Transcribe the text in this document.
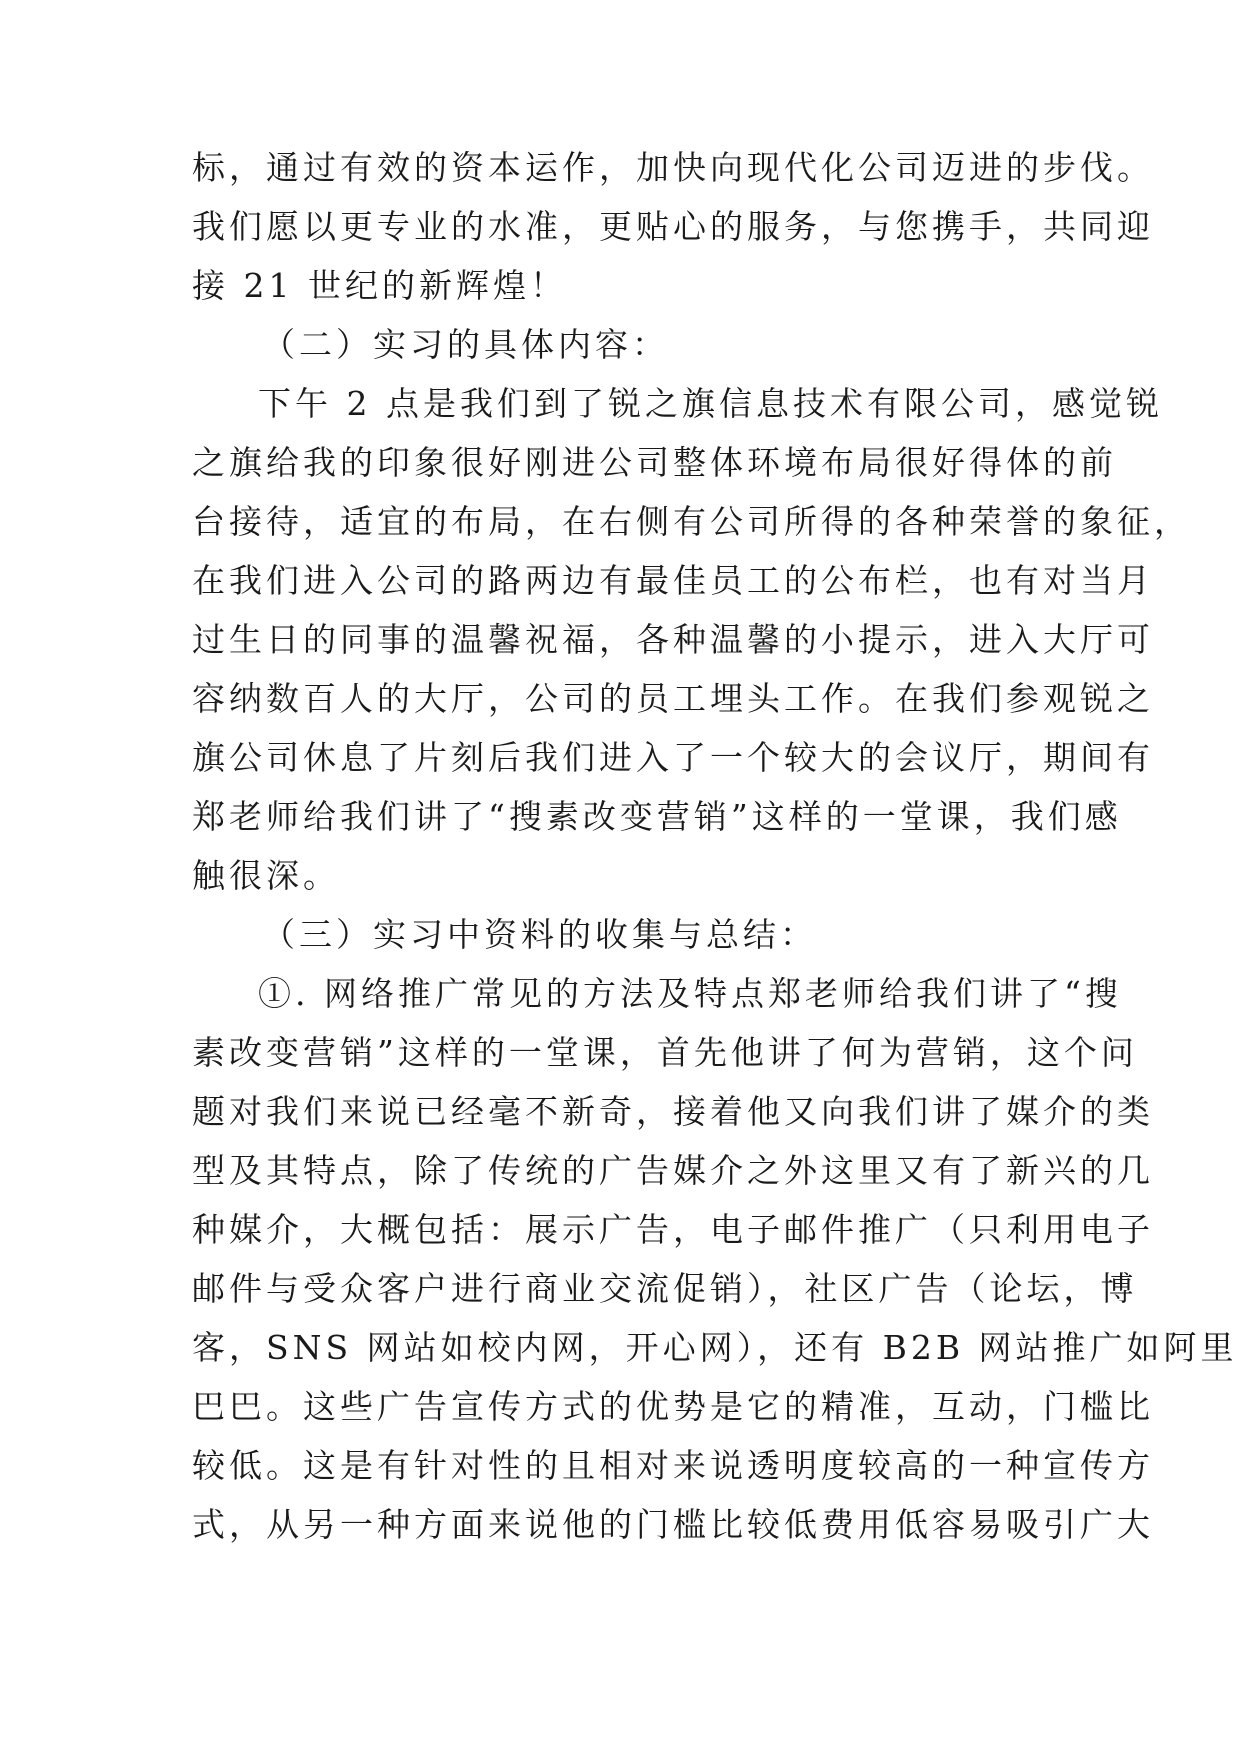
标，通过有效的资本运作，加快向现代化公司迈进的步伐。
我们愿以更专业的水准，更贴心的服务，与您携手，共同迎
接 21 世纪的新辉煌！
（二）实习的具体内容：
下午 2 点是我们到了锐之旗信息技术有限公司，感觉锐
之旗给我的印象很好刚进公司整体环境布局很好得体的前
台接待，适宜的布局，在右侧有公司所得的各种荣誉的象征，
在我们进入公司的路两边有最佳员工的公布栏，也有对当月
过生日的同事的温馨祝福，各种温馨的小提示，进入大厅可
容纳数百人的大厅，公司的员工埋头工作。在我们参观锐之
旗公司休息了片刻后我们进入了一个较大的会议厅，期间有
郑老师给我们讲了“搜素改变营销”这样的一堂课，我们感
触很深。
（三）实习中资料的收集与总结：
①. 网络推广常见的方法及特点郑老师给我们讲了“搜
素改变营销”这样的一堂课，首先他讲了何为营销，这个问
题对我们来说已经毫不新奇，接着他又向我们讲了媒介的类
型及其特点，除了传统的广告媒介之外这里又有了新兴的几
种媒介，大概包括：展示广告，电子邮件推广（只利用电子
邮件与受众客户进行商业交流促销），社区广告（论坛，博
客，SNS 网站如校内网，开心网），还有 B2B 网站推广如阿里
巴巴。这些广告宣传方式的优势是它的精准，互动，门槛比
较低。这是有针对性的且相对来说透明度较高的一种宣传方
式，从另一种方面来说他的门槛比较低费用低容易吸引广大
